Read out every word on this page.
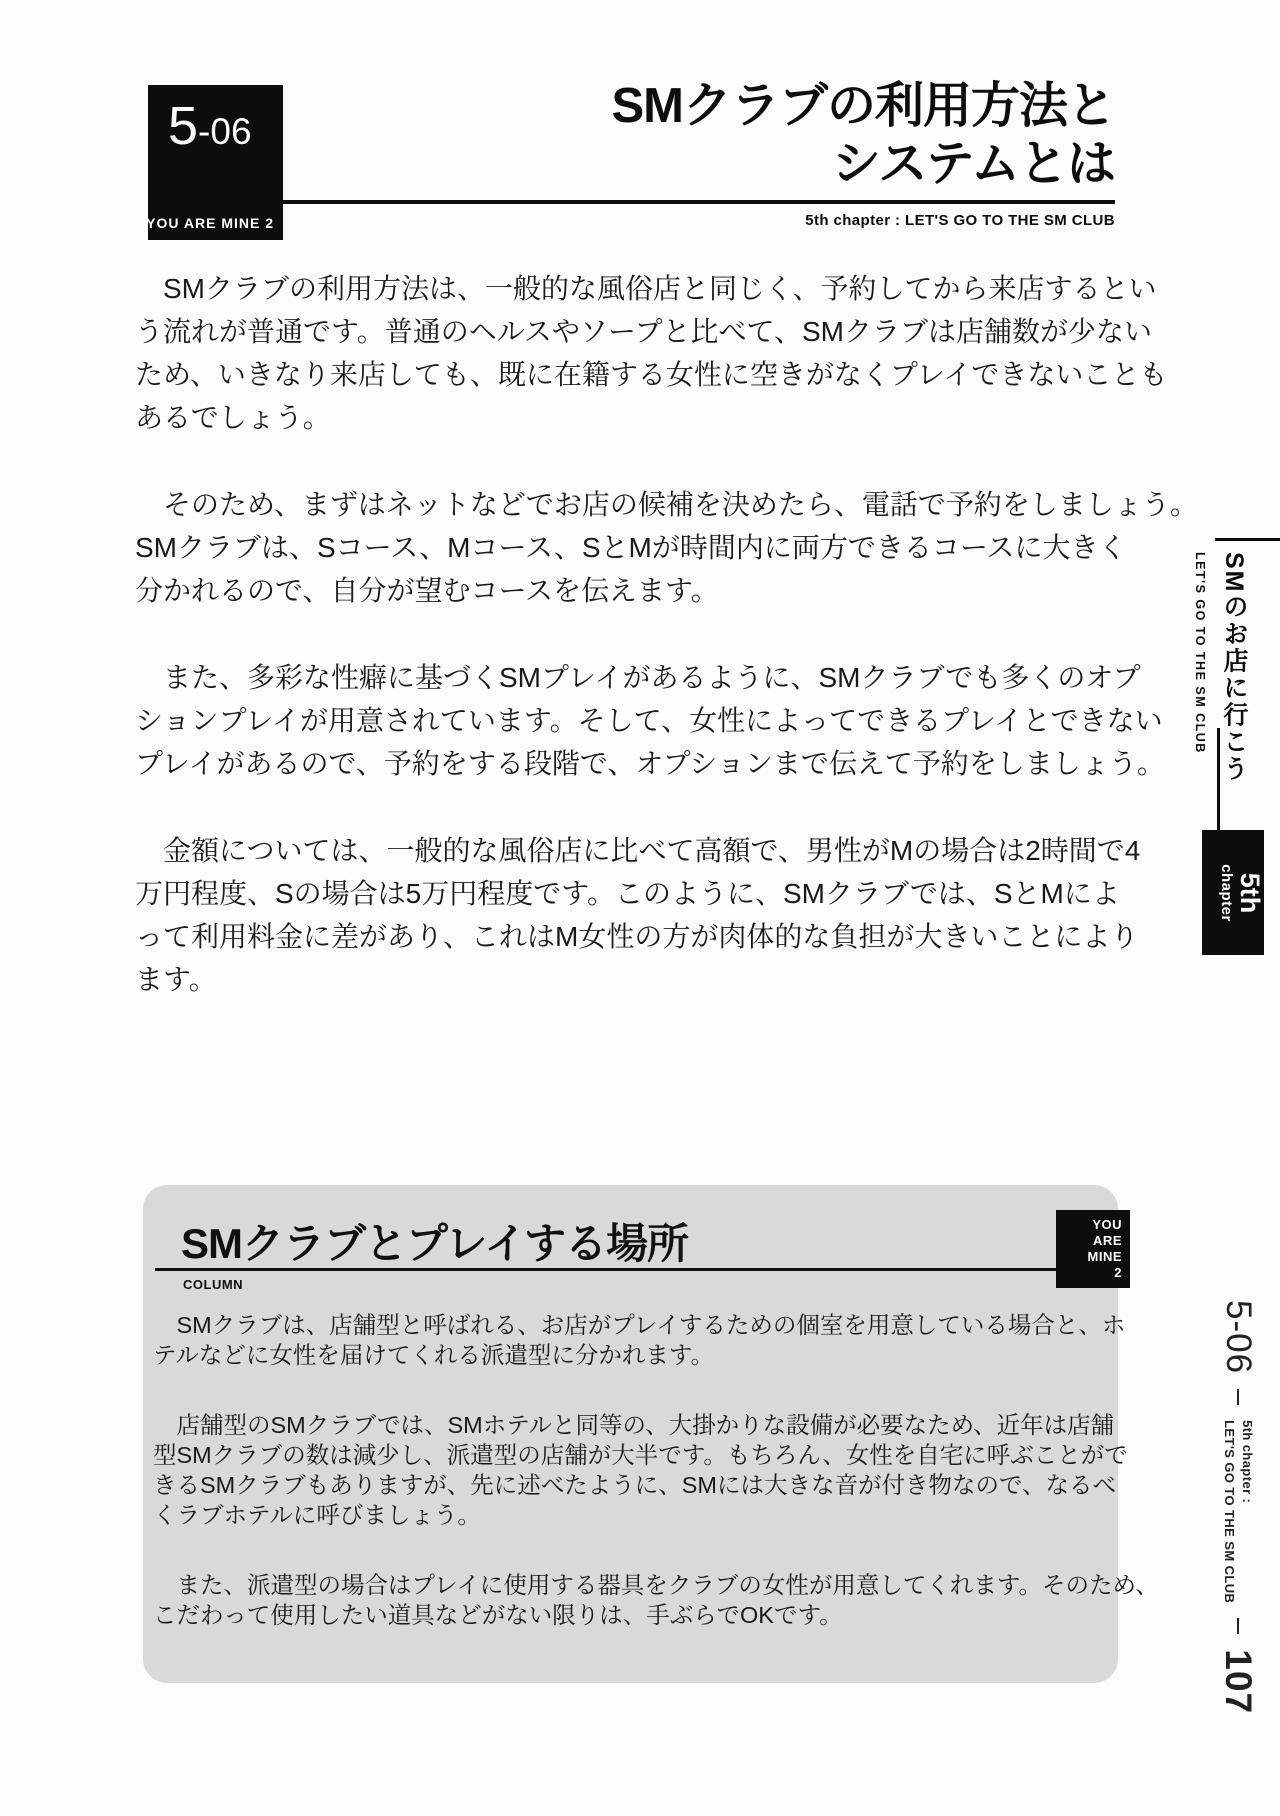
5-06
YOU ARE MINE 2
SMクラブの利用方法と
システムとは
5th chapter : LET'S GO TO THE SM CLUB
　SMクラブの利用方法は、一般的な風俗店と同じく、予約してから来店するとい
う流れが普通です。普通のヘルスやソープと比べて、SMクラブは店舗数が少ない
ため、いきなり来店しても、既に在籍する女性に空きがなくプレイできないことも
あるでしょう。
　そのため、まずはネットなどでお店の候補を決めたら、電話で予約をしましょう。
SMクラブは、Sコース、Mコース、SとMが時間内に両方できるコースに大きく
分かれるので、自分が望むコースを伝えます。
　また、多彩な性癖に基づくSMプレイがあるように、SMクラブでも多くのオプ
ションプレイが用意されています。そして、女性によってできるプレイとできない
プレイがあるので、予約をする段階で、オプションまで伝えて予約をしましょう。
　金額については、一般的な風俗店に比べて高額で、男性がMの場合は2時間で4
万円程度、Sの場合は5万円程度です。このように、SMクラブでは、SとMによ
って利用料金に差があり、これはM女性の方が肉体的な負担が大きいことにより
ます。
SMのお店に行こう
LET'S GO TO THE SM CLUB
5th
chapter
SMクラブとプレイする場所
COLUMN
　SMクラブは、店舗型と呼ばれる、お店がプレイするための個室を用意している場合と、ホ
テルなどに女性を届けてくれる派遣型に分かれます。
　店舗型のSMクラブでは、SMホテルと同等の、大掛かりな設備が必要なため、近年は店舗
型SMクラブの数は減少し、派遣型の店舗が大半です。もちろん、女性を自宅に呼ぶことがで
きるSMクラブもありますが、先に述べたように、SMには大きな音が付き物なので、なるべ
くラブホテルに呼びましょう。
　また、派遣型の場合はプレイに使用する器具をクラブの女性が用意してくれます。そのため、
こだわって使用したい道具などがない限りは、手ぶらでOKです。
YOU
ARE
MINE
2
5-06
5th chapter :
LET'S GO TO THE SM CLUB
107
